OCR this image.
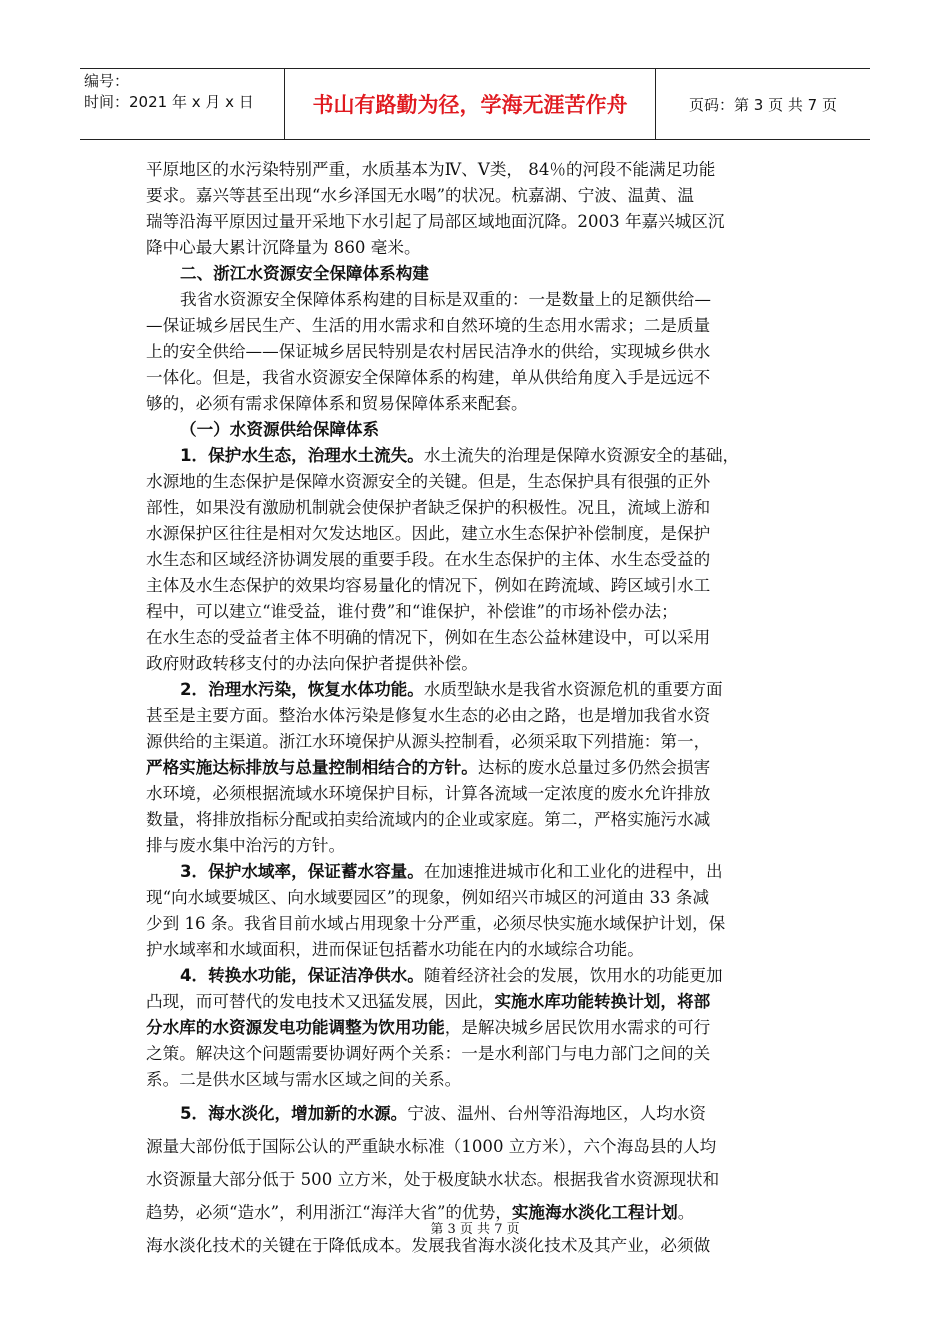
编号：
时间：2021 年 x 月 x 日	书山有路勤为径，学海无涯苦作舟	页码：第 3 页 共 7 页
平原地区的水污染特别严重，水质基本为Ⅳ、Ⅴ类， 84％的河段不能满足功能
要求。嘉兴等甚至出现“水乡泽国无水喝”的状况。杭嘉湖、宁波、温黄、温
瑞等沿海平原因过量开采地下水引起了局部区域地面沉降。2003 年嘉兴城区沉
降中心最大累计沉降量为 860 毫米。
二、浙江水资源安全保障体系构建
我省水资源安全保障体系构建的目标是双重的：一是数量上的足额供给—
—保证城乡居民生产、生活的用水需求和自然环境的生态用水需求；二是质量
上的安全供给——保证城乡居民特别是农村居民洁净水的供给，实现城乡供水
一体化。但是，我省水资源安全保障体系的构建，单从供给角度入手是远远不
够的，必须有需求保障体系和贸易保障体系来配套。
（一）水资源供给保障体系
1．保护水生态，治理水土流失。 水土流失的治理是保障水资源安全的基础，
水源地的生态保护是保障水资源安全的关键。但是，生态保护具有很强的正外
部性，如果没有激励机制就会使保护者缺乏保护的积极性。况且，流域上游和
水源保护区往往是相对欠发达地区。因此，建立水生态保护补偿制度，是保护
水生态和区域经济协调发展的重要手段。在水生态保护的主体、水生态受益的
主体及水生态保护的效果均容易量化的情况下，例如在跨流域、跨区域引水工
程中，可以建立“谁受益，谁付费”和“谁保护，补偿谁”的市场补偿办法；
在水生态的受益者主体不明确的情况下，例如在生态公益林建设中，可以采用
政府财政转移支付的办法向保护者提供补偿。
2．治理水污染，恢复水体功能。 水质型缺水是我省水资源危机的重要方面
甚至是主要方面。整治水体污染是修复水生态的必由之路，也是增加我省水资
源供给的主渠道。浙江水环境保护从源头控制看，必须采取下列措施：第一，
严格实施达标排放与总量控制相结合的方针。 达标的废水总量过多仍然会损害
水环境，必须根据流域水环境保护目标，计算各流域一定浓度的废水允许排放
数量，将排放指标分配或拍卖给流域内的企业或家庭。第二，严格实施污水减
排与废水集中治污的方针。
3．保护水域率，保证蓄水容量。 在加速推进城市化和工业化的进程中，出
现“向水域要城区、向水域要园区”的现象，例如绍兴市城区的河道由 33 条减
少到 16 条。我省目前水域占用现象十分严重，必须尽快实施水域保护计划，保
护水域率和水域面积，进而保证包括蓄水功能在内的水域综合功能。
4．转换水功能，保证洁净供水。 随着经济社会的发展，饮用水的功能更加
凸现，而可替代的发电技术又迅猛发展，因此， 实施水库功能转换计划，将部
分水库的水资源发电功能调整为饮用功能 ，是解决城乡居民饮用水需求的可行
之策。解决这个问题需要协调好两个关系：一是水利部门与电力部门之间的关
系。二是供水区域与需水区域之间的关系。
5．海水淡化，增加新的水源。 宁波、温州、台州等沿海地区，人均水资
源量大部份低于国际公认的严重缺水标准（1000 立方米），六个海岛县的人均
水资源量大部分低于 500 立方米，处于极度缺水状态。根据我省水资源现状和
趋势，必须“造水”，利用浙江“海洋大省”的优势， 实施海水淡化工程计划 。
海水淡化技术的关键在于降低成本。发展我省海水淡化技术及其产业，必须做
第 3 页 共 7 页
